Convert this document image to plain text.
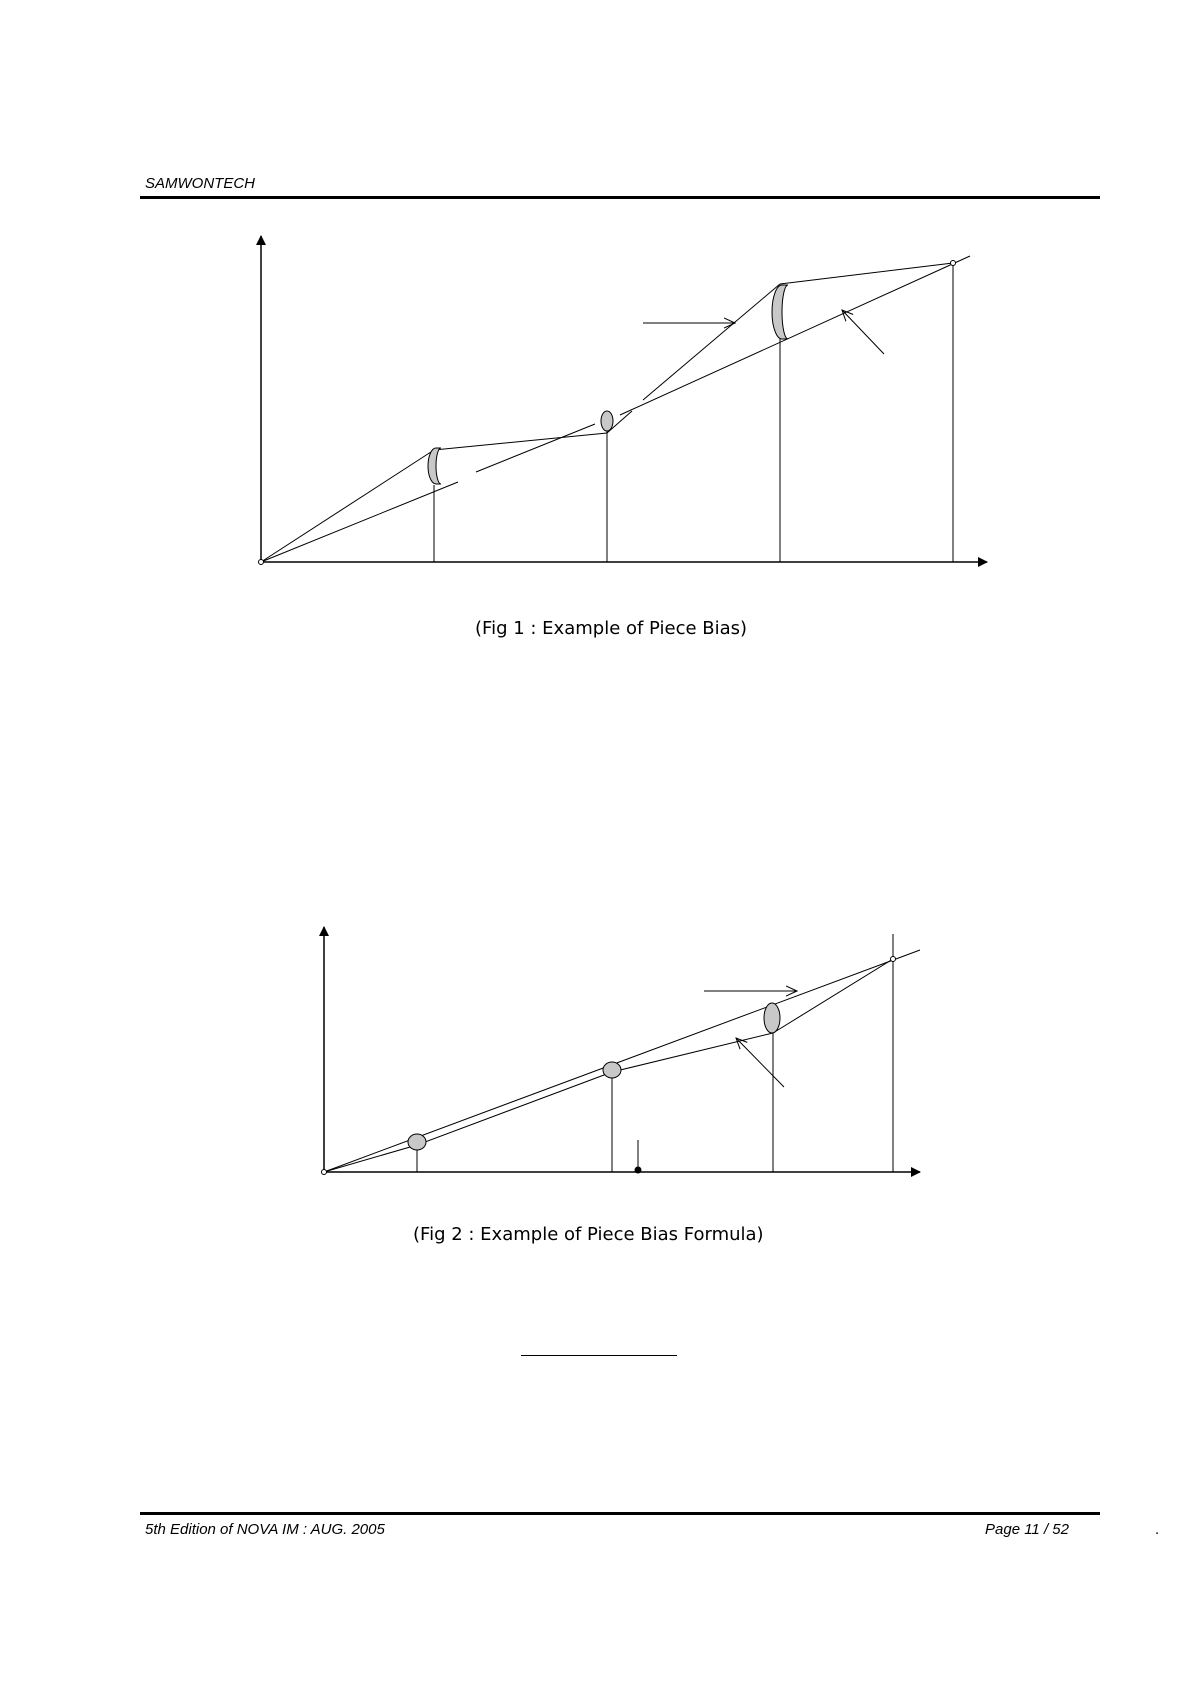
SAMWONTECH
(Fig 1 : Example of Piece Bias)
(Fig 2 : Example of Piece Bias Formula)
5th Edition of NOVA IM : AUG. 2005	Page 11 / 52	.
